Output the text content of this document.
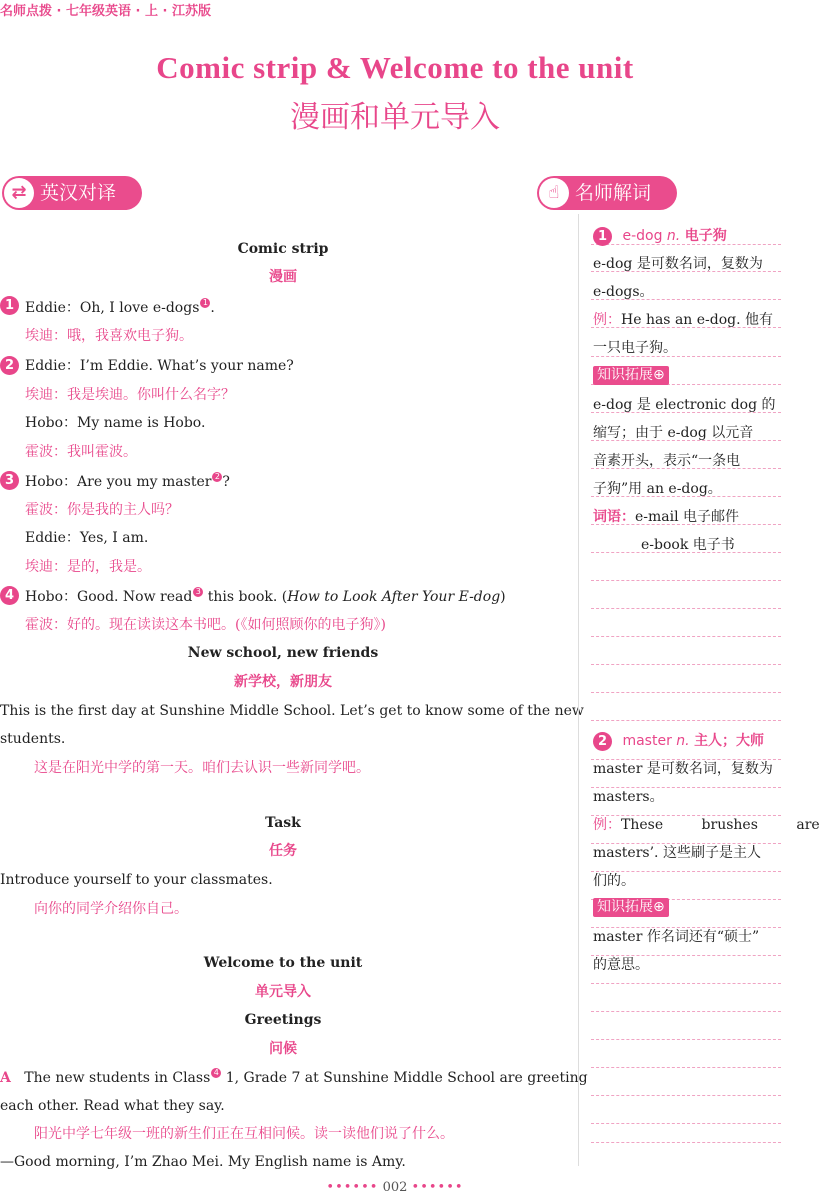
名师点拨 · 七年级英语 · 上 · 江苏版
Comic strip & Welcome to the unit
漫画和单元导入
⇄ 英汉对译	☝ 名师解词
Comic strip
漫画
1 Eddie：Oh, I love e-dogs $^1$ .
埃迪：哦，我喜欢电子狗。
2 Eddie：I’m Eddie. What’s your name?
埃迪：我是埃迪。你叫什么名字？
Hobo：My name is Hobo.
霍波：我叫霍波。
3 Hobo：Are you my master $^2$ ?
霍波：你是我的主人吗？
Eddie：Yes, I am.
埃迪：是的，我是。
4 Hobo：Good. Now read $^3$ this book. (How to Look After Your E-dog)
霍波：好的。现在读读这本书吧。(《如何照顾你的电子狗》)
New school, new friends
新学校，新朋友
This is the first day at Sunshine Middle School. Let’s get to know some of the new
students.
这是在阳光中学的第一天。咱们去认识一些新同学吧。
Task
任务
Introduce yourself to your classmates.
向你的同学介绍你自己。
Welcome to the unit
单元导入
Greetings
问候
A The new students in Class $^4$ 1, Grade 7 at Sunshine Middle School are greeting
each other. Read what they say.
阳光中学七年级一班的新生们正在互相问候。读一读他们说了什么。
—Good morning, I’m Zhao Mei. My English name is Amy.
1 e-dog n. 电子狗
e-dog 是可数名词，复数为
e-dogs。
例：He has an e-dog. 他有
一只电子狗。
知识拓展⊕
e-dog 是 electronic dog 的
缩写；由于 e-dog 以元音
音素开头，表示“一条电
子狗”用 an e-dog。
词语：e-mail 电子邮件
e-book 电子书
2 master n. 主人；大师
master 是可数名词，复数为
masters。
例：These brushes are
masters’. 这些刷子是主人
们的。
知识拓展⊕
master 作名词还有“硕士”
的意思。
•••••• 002 ••••••
